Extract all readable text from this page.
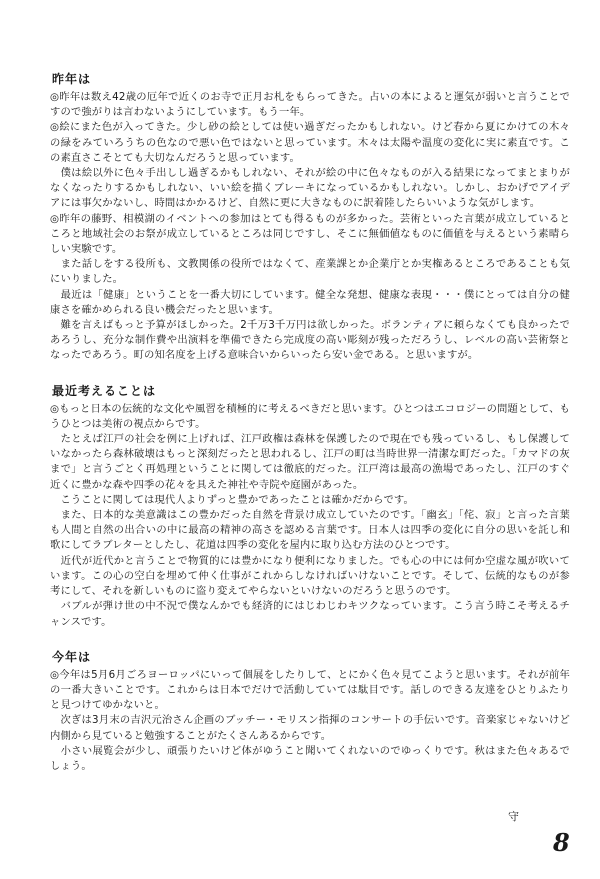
昨年は

◎昨年は数え42歳の厄年で近くのお寺で正月お札をもらってきた。占いの本によると運気が弱いと言うことですので強がりは言わないようにしています。もう一年。

◎絵にまた色が入ってきた。少し砂の絵としては使い過ぎだったかもしれない。けど春から夏にかけての木々の緑をみていろうちの色なので悪い色ではないと思っています。木々は太陽や温度の変化に実に素直です。この素直さこそとても大切なんだろうと思っています。

　僕は絵以外に色々手出しし過ぎるかもしれない、それが絵の中に色々なものが入る結果になってまとまりがなくなったりするかもしれない、いい絵を描くブレーキになっているかもしれない。しかし、おかげでアイデアには事欠かないし、時間はかかるけど、自然に更に大きなものに訳着陸したらいいような気がします。

◎昨年の藤野、相模湖のイベントへの参加はとても得るものが多かった。芸術といった言葉が成立しているところと地域社会のお祭が成立しているところは同じですし、そこに無価値なものに価値を与えるという素晴らしい実験です。

　また話しをする役所も、文教関係の役所ではなくて、産業課とか企業庁とか実権あるところであることも気にいりました。

　最近は「健康」ということを一番大切にしています。健全な発想、健康な表現・・・僕にとっては自分の健康さを確かめられる良い機会だったと思います。

　難を言えばもっと予算がほしかった。2千万3千万円は欲しかった。ボランティアに頼らなくても良かったであろうし、充分な制作費や出演料を準備できたら完成度の高い彫刻が残っただろうし、レベルの高い芸術祭となったであろう。町の知名度を上げる意味合いからいったら安い金である。と思いますが。

最近考えることは

◎もっと日本の伝統的な文化や風習を積極的に考えるべきだと思います。ひとつはエコロジーの問題として、もうひとつは美術の視点からです。

　たとえば江戸の社会を例に上げれば、江戸政権は森林を保護したので現在でも残っているし、もし保護していなかったら森林破壊はもっと深刻だったと思われるし、江戸の町は当時世界一清潔な町だった。「カマドの灰まで」と言うごとく再処理ということに関しては徹底的だった。江戸湾は最高の漁場であったし、江戸のすぐ近くに豊かな森や四季の花々を具えた神社や寺院や庭園があった。

　こうことに関しては現代人よりずっと豊かであったことは確かだからです。

　また、日本的な美意識はこの豊かだった自然を背景け成立していたのです。「幽玄」「侘、寂」と言った言葉も人間と自然の出合いの中に最高の精神の高さを認める言葉です。日本人は四季の変化に自分の思いを託し和歌にしてラブレターとしたし、花道は四季の変化を屋内に取り込む方法のひとつです。

　近代が近代かと言うことで物質的には豊かになり便利になりました。でも心の中には何か空虚な風が吹いています。この心の空白を埋めて仲く仕事がこれからしなければいけないことです。そして、伝統的なものが参考にして、それを新しいものに盗り変えてやらないといけないのだろうと思うのです。

　バブルが弾け世の中不況で僕なんかでも経済的にはじわじわキツクなっています。こう言う時こそ考えるチャンスです。

今年は

◎今年は5月6月ごろヨーロッパにいって個展をしたりして、とにかく色々見てこようと思います。それが前年の一番大きいことです。これからは日本でだけで活動していては駄目です。話しのできる友達をひとりふたりと見つけてゆかないと。

　次ぎは3月末の吉沢元治さん企画のブッチー・モリスン指揮のコンサートの手伝いです。音楽家じゃないけど内側から見ていると勉強することがたくさんあるからです。

　小さい展覧会が少し、頑張りたいけど体がゆうこと聞いてくれないのでゆっくりです。秋はまた色々あるでしょう。

守
8
